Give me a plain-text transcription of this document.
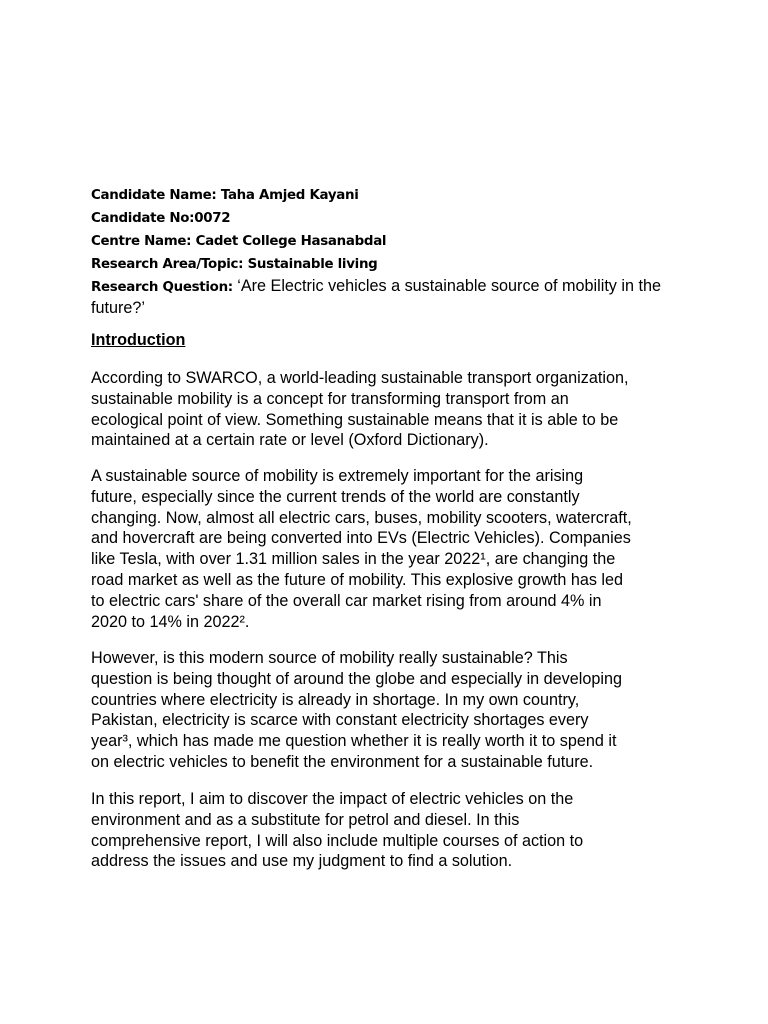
Candidate Name: Taha Amjed Kayani
Candidate No:0072
Centre Name: Cadet College Hasanabdal
Research Area/Topic: Sustainable living
Research Question: ‘Are Electric vehicles a sustainable source of mobility in the future?’
Introduction

According to SWARCO, a world-leading sustainable transport organization,
sustainable mobility is a concept for transforming transport from an
ecological point of view. Something sustainable means that it is able to be
maintained at a certain rate or level (Oxford Dictionary).

A sustainable source of mobility is extremely important for the arising
future, especially since the current trends of the world are constantly
changing. Now, almost all electric cars, buses, mobility scooters, watercraft,
and hovercraft are being converted into EVs (Electric Vehicles). Companies
like Tesla, with over 1.31 million sales in the year 2022¹, are changing the
road market as well as the future of mobility. This explosive growth has led
to electric cars' share of the overall car market rising from around 4% in
2020 to 14% in 2022².

However, is this modern source of mobility really sustainable? This
question is being thought of around the globe and especially in developing
countries where electricity is already in shortage. In my own country,
Pakistan, electricity is scarce with constant electricity shortages every
year³, which has made me question whether it is really worth it to spend it
on electric vehicles to benefit the environment for a sustainable future.

In this report, I aim to discover the impact of electric vehicles on the
environment and as a substitute for petrol and diesel. In this
comprehensive report, I will also include multiple courses of action to
address the issues and use my judgment to find a solution.
